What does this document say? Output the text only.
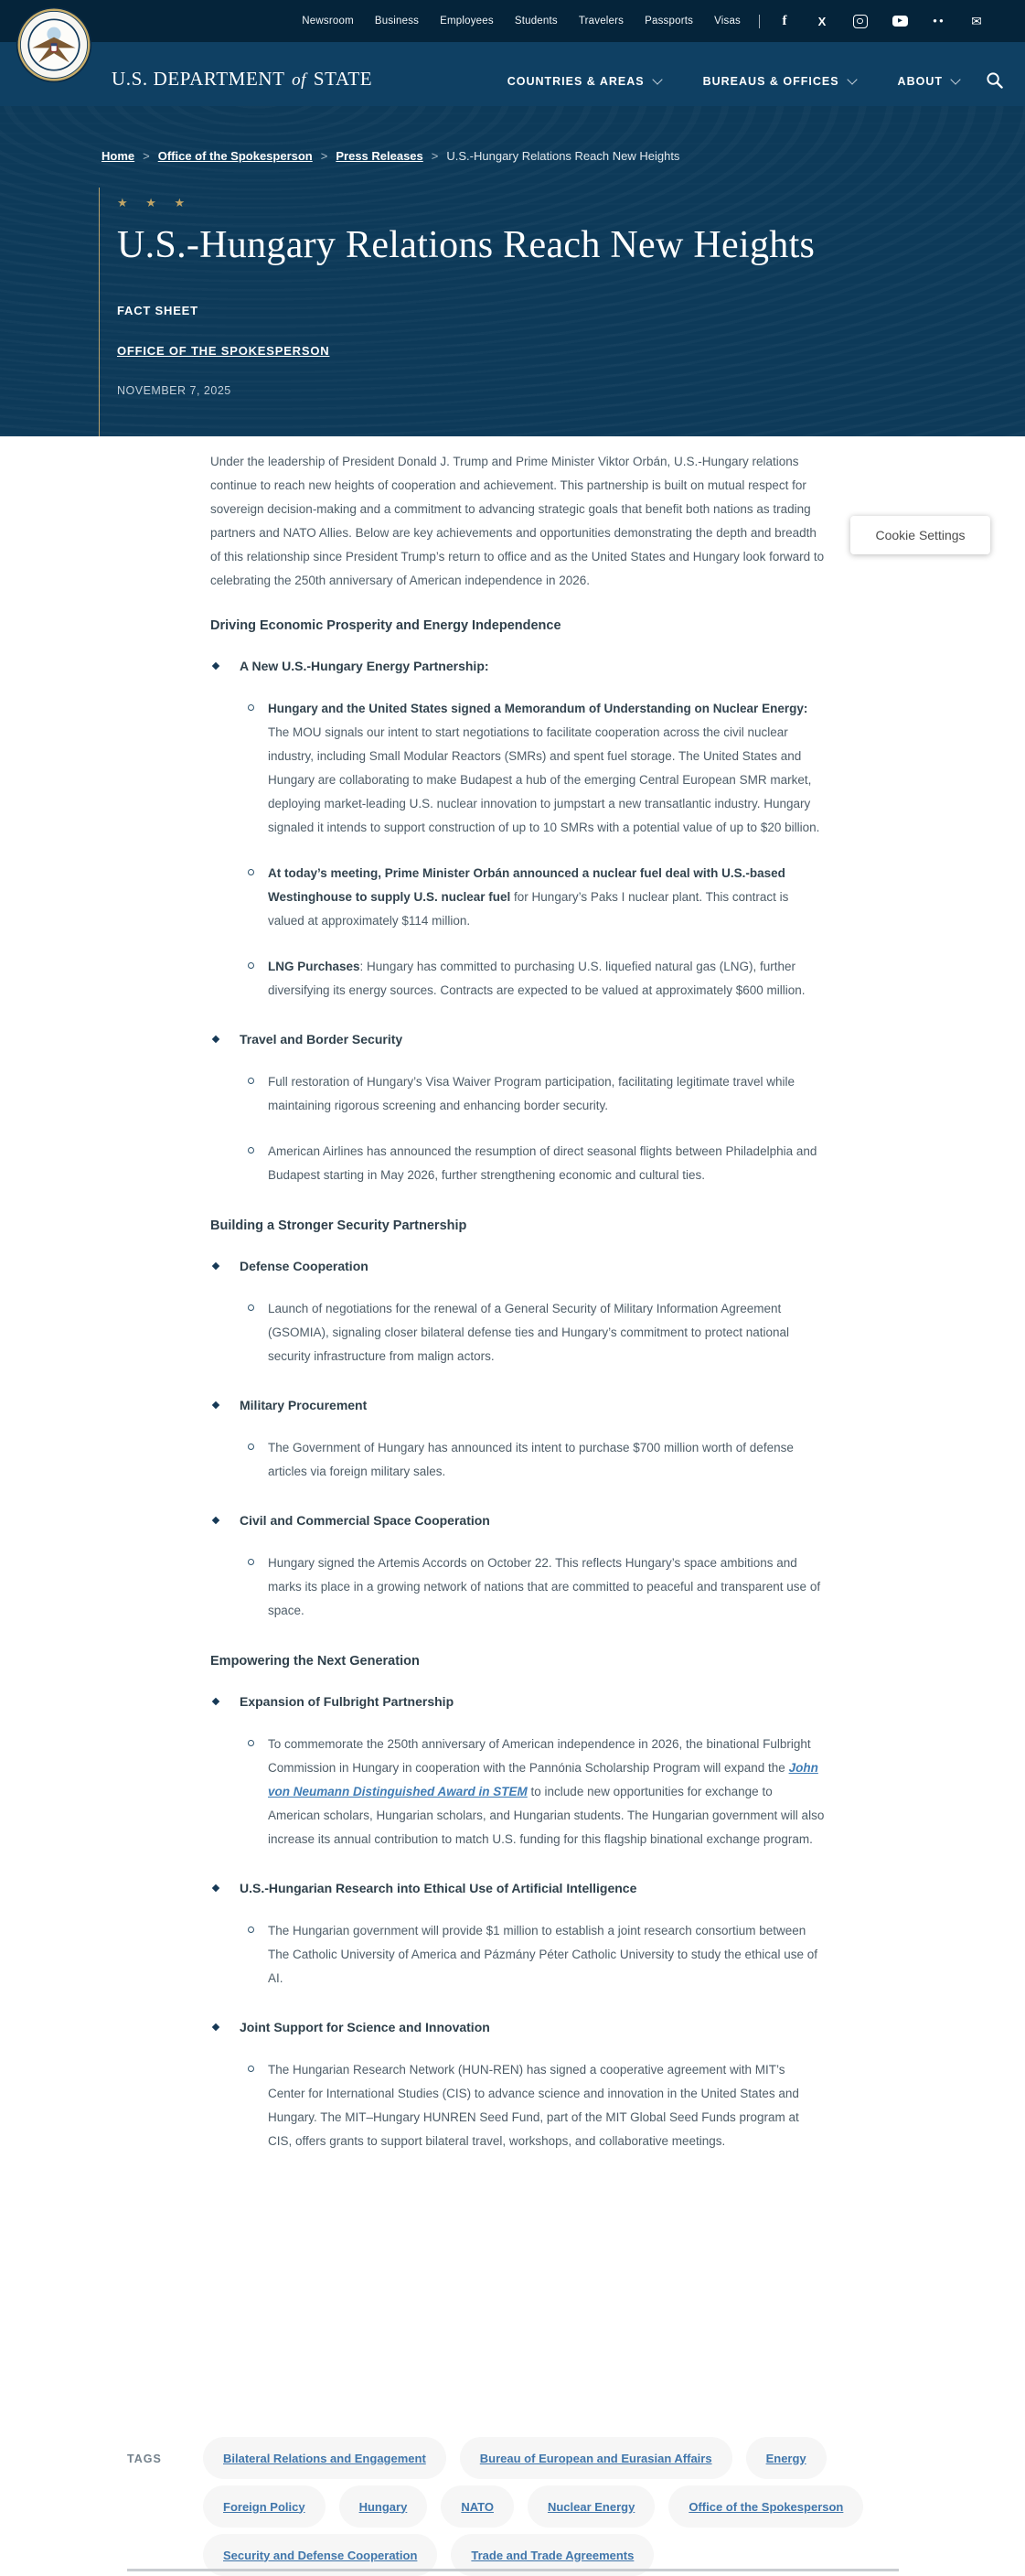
Newsroom Business Employees Students Travelers Passports Visas	f	X	▶	●● ✉
U.S. DEPARTMENT of STATE	COUNTRIES & AREAS	BUREAUS & OFFICES	ABOUT
Home > Office of the Spokesperson > Press Releases > U.S.-Hungary Relations Reach New Heights
★ ★ ★
U.S.-Hungary Relations Reach New Heights
FACT SHEET
OFFICE OF THE SPOKESPERSON
NOVEMBER 7, 2025
Cookie Settings

Under the leadership of President Donald J. Trump and Prime Minister Viktor Orbán, U.S.-Hungary relations continue to reach new heights of cooperation and achievement. This partnership is built on mutual respect for sovereign decision-making and a commitment to advancing strategic goals that benefit both nations as trading partners and NATO Allies. Below are key achievements and opportunities demonstrating the depth and breadth of this relationship since President Trump’s return to office and as the United States and Hungary look forward to celebrating the 250th anniversary of American independence in 2026.

Driving Economic Prosperity and Energy Independence
A New U.S.-Hungary Energy Partnership:

Hungary and the United States signed a Memorandum of Understanding on Nuclear Energy: The MOU signals our intent to start negotiations to facilitate cooperation across the civil nuclear industry, including Small Modular Reactors (SMRs) and spent fuel storage. The United States and Hungary are collaborating to make Budapest a hub of the emerging Central European SMR market, deploying market-leading U.S. nuclear innovation to jumpstart a new transatlantic industry. Hungary signaled it intends to support construction of up to 10 SMRs with a potential value of up to $20 billion.

At today’s meeting, Prime Minister Orbán announced a nuclear fuel deal with U.S.-based Westinghouse to supply U.S. nuclear fuel for Hungary’s Paks I nuclear plant. This contract is valued at approximately $114 million.

LNG Purchases: Hungary has committed to purchasing U.S. liquefied natural gas (LNG), further diversifying its energy sources. Contracts are expected to be valued at approximately $600 million.

Travel and Border Security

Full restoration of Hungary’s Visa Waiver Program participation, facilitating legitimate travel while maintaining rigorous screening and enhancing border security.

American Airlines has announced the resumption of direct seasonal flights between Philadelphia and Budapest starting in May 2026, further strengthening economic and cultural ties.

Building a Stronger Security Partnership
Defense Cooperation

Launch of negotiations for the renewal of a General Security of Military Information Agreement (GSOMIA), signaling closer bilateral defense ties and Hungary’s commitment to protect national security infrastructure from malign actors.

Military Procurement

The Government of Hungary has announced its intent to purchase $700 million worth of defense articles via foreign military sales.

Civil and Commercial Space Cooperation

Hungary signed the Artemis Accords on October 22. This reflects Hungary’s space ambitions and marks its place in a growing network of nations that are committed to peaceful and transparent use of space.

Empowering the Next Generation
Expansion of Fulbright Partnership

To commemorate the 250th anniversary of American independence in 2026, the binational Fulbright Commission in Hungary in cooperation with the Pannónia Scholarship Program will expand the John von Neumann Distinguished Award in STEM to include new opportunities for exchange to American scholars, Hungarian scholars, and Hungarian students. The Hungarian government will also increase its annual contribution to match U.S. funding for this flagship binational exchange program.

U.S.-Hungarian Research into Ethical Use of Artificial Intelligence

The Hungarian government will provide $1 million to establish a joint research consortium between The Catholic University of America and Pázmány Péter Catholic University to study the ethical use of AI.

Joint Support for Science and Innovation

The Hungarian Research Network (HUN-REN) has signed a cooperative agreement with MIT’s Center for International Studies (CIS) to advance science and innovation in the United States and Hungary. The MIT–Hungary HUNREN Seed Fund, part of the MIT Global Seed Funds program at CIS, offers grants to support bilateral travel, workshops, and collaborative meetings.

TAGS	Bilateral Relations and Engagement	Bureau of European and Eurasian Affairs	Energy
Foreign Policy	Hungary	NATO	Nuclear Energy	Office of the Spokesperson
Security and Defense Cooperation	Trade and Trade Agreements
